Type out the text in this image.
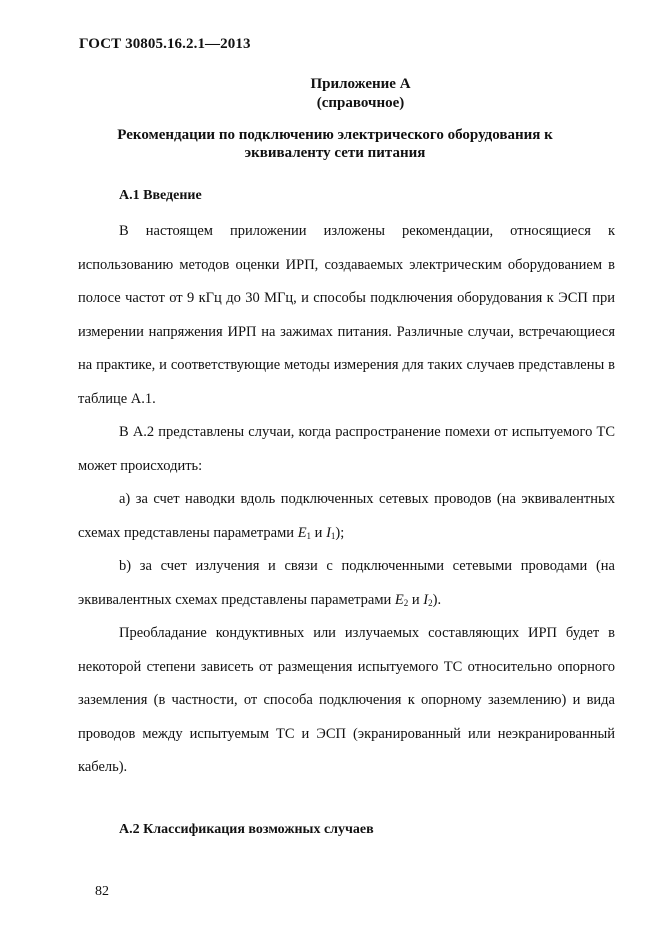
ГОСТ 30805.16.2.1—2013
Приложение А
(справочное)
Рекомендации по подключению электрического оборудования к эквиваленту сети питания
А.1 Введение

В настоящем приложении изложены рекомендации, относящиеся к использованию методов оценки ИРП, создаваемых электрическим оборудованием в полосе частот от 9 кГц до 30 МГц, и способы подключения оборудования к ЭСП при измерении напряжения ИРП на зажимах питания. Различные случаи, встречающиеся на практике, и соответствующие методы измерения для таких случаев представлены в таблице А.1.

В А.2 представлены случаи, когда распространение помехи от испытуемого ТС может происходить:

a) за счет наводки вдоль подключенных сетевых проводов (на эквивалентных схемах представлены параметрами $E_1$ и $I_1$);

b) за счет излучения и связи с подключенными сетевыми проводами (на эквивалентных схемах представлены параметрами $E_2$ и $I_2$).

Преобладание кондуктивных или излучаемых составляющих ИРП будет в некоторой степени зависеть от размещения испытуемого ТС относительно опорного заземления (в частности, от способа подключения к опорному заземлению) и вида проводов между испытуемым ТС и ЭСП (экранированный или неэкранированный кабель).

А.2 Классификация возможных случаев
82
